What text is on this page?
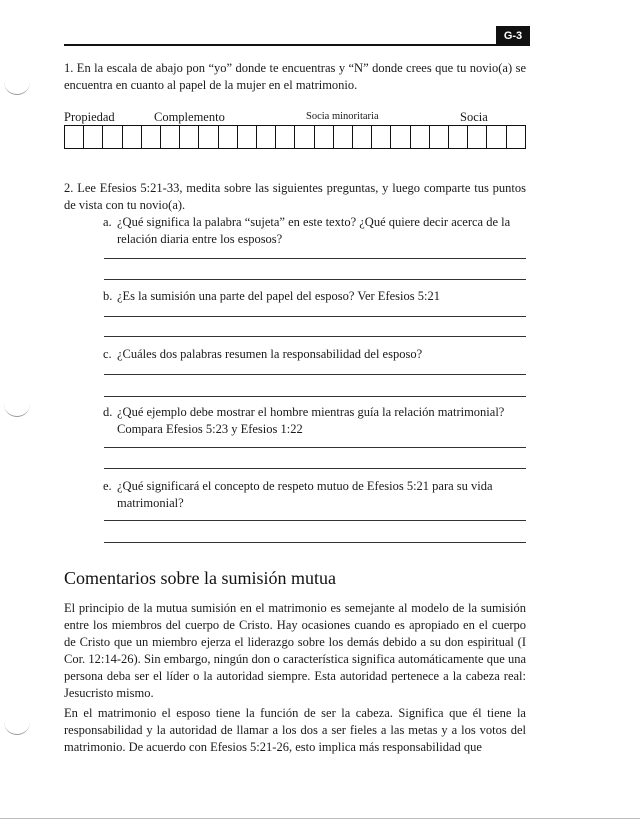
G-3

1. En la escala de abajo pon “yo” donde te encuentras y “N” donde crees que tu novio(a) se encuentra en cuanto al papel de la mujer en el matrimonio.

Propiedad	Complemento	Socia minoritaria	Socia

2. Lee Efesios 5:21-33, medita sobre las siguientes preguntas, y luego comparte tus puntos de vista con tu novio(a).

a. ¿Qué significa la palabra “sujeta” en este texto? ¿Qué quiere decir acerca de la relación diaria entre los esposos?

b. ¿Es la sumisión una parte del papel del esposo? Ver Efesios 5:21

c. ¿Cuáles dos palabras resumen la responsabilidad del esposo?

d. ¿Qué ejemplo debe mostrar el hombre mientras guía la relación matrimonial? Compara Efesios 5:23 y Efesios 1:22

e. ¿Qué significará el concepto de respeto mutuo de Efesios 5:21 para su vida matrimonial?

Comentarios sobre la sumisión mutua

El principio de la mutua sumisión en el matrimonio es semejante al modelo de la sumisión entre los miembros del cuerpo de Cristo. Hay ocasiones cuando es apropiado en el cuerpo de Cristo que un miembro ejerza el liderazgo sobre los demás debido a su don espiritual (I Cor. 12:14-26). Sin embargo, ningún don o característica significa automáticamente que una persona deba ser el líder o la autoridad siempre. Esta autoridad pertenece a la cabeza real: Jesucristo mismo.

En el matrimonio el esposo tiene la función de ser la cabeza. Significa que él tiene la responsabilidad y la autoridad de llamar a los dos a ser fieles a las metas y a los votos del matrimonio. De acuerdo con Efesios 5:21-26, esto implica más responsabilidad que
